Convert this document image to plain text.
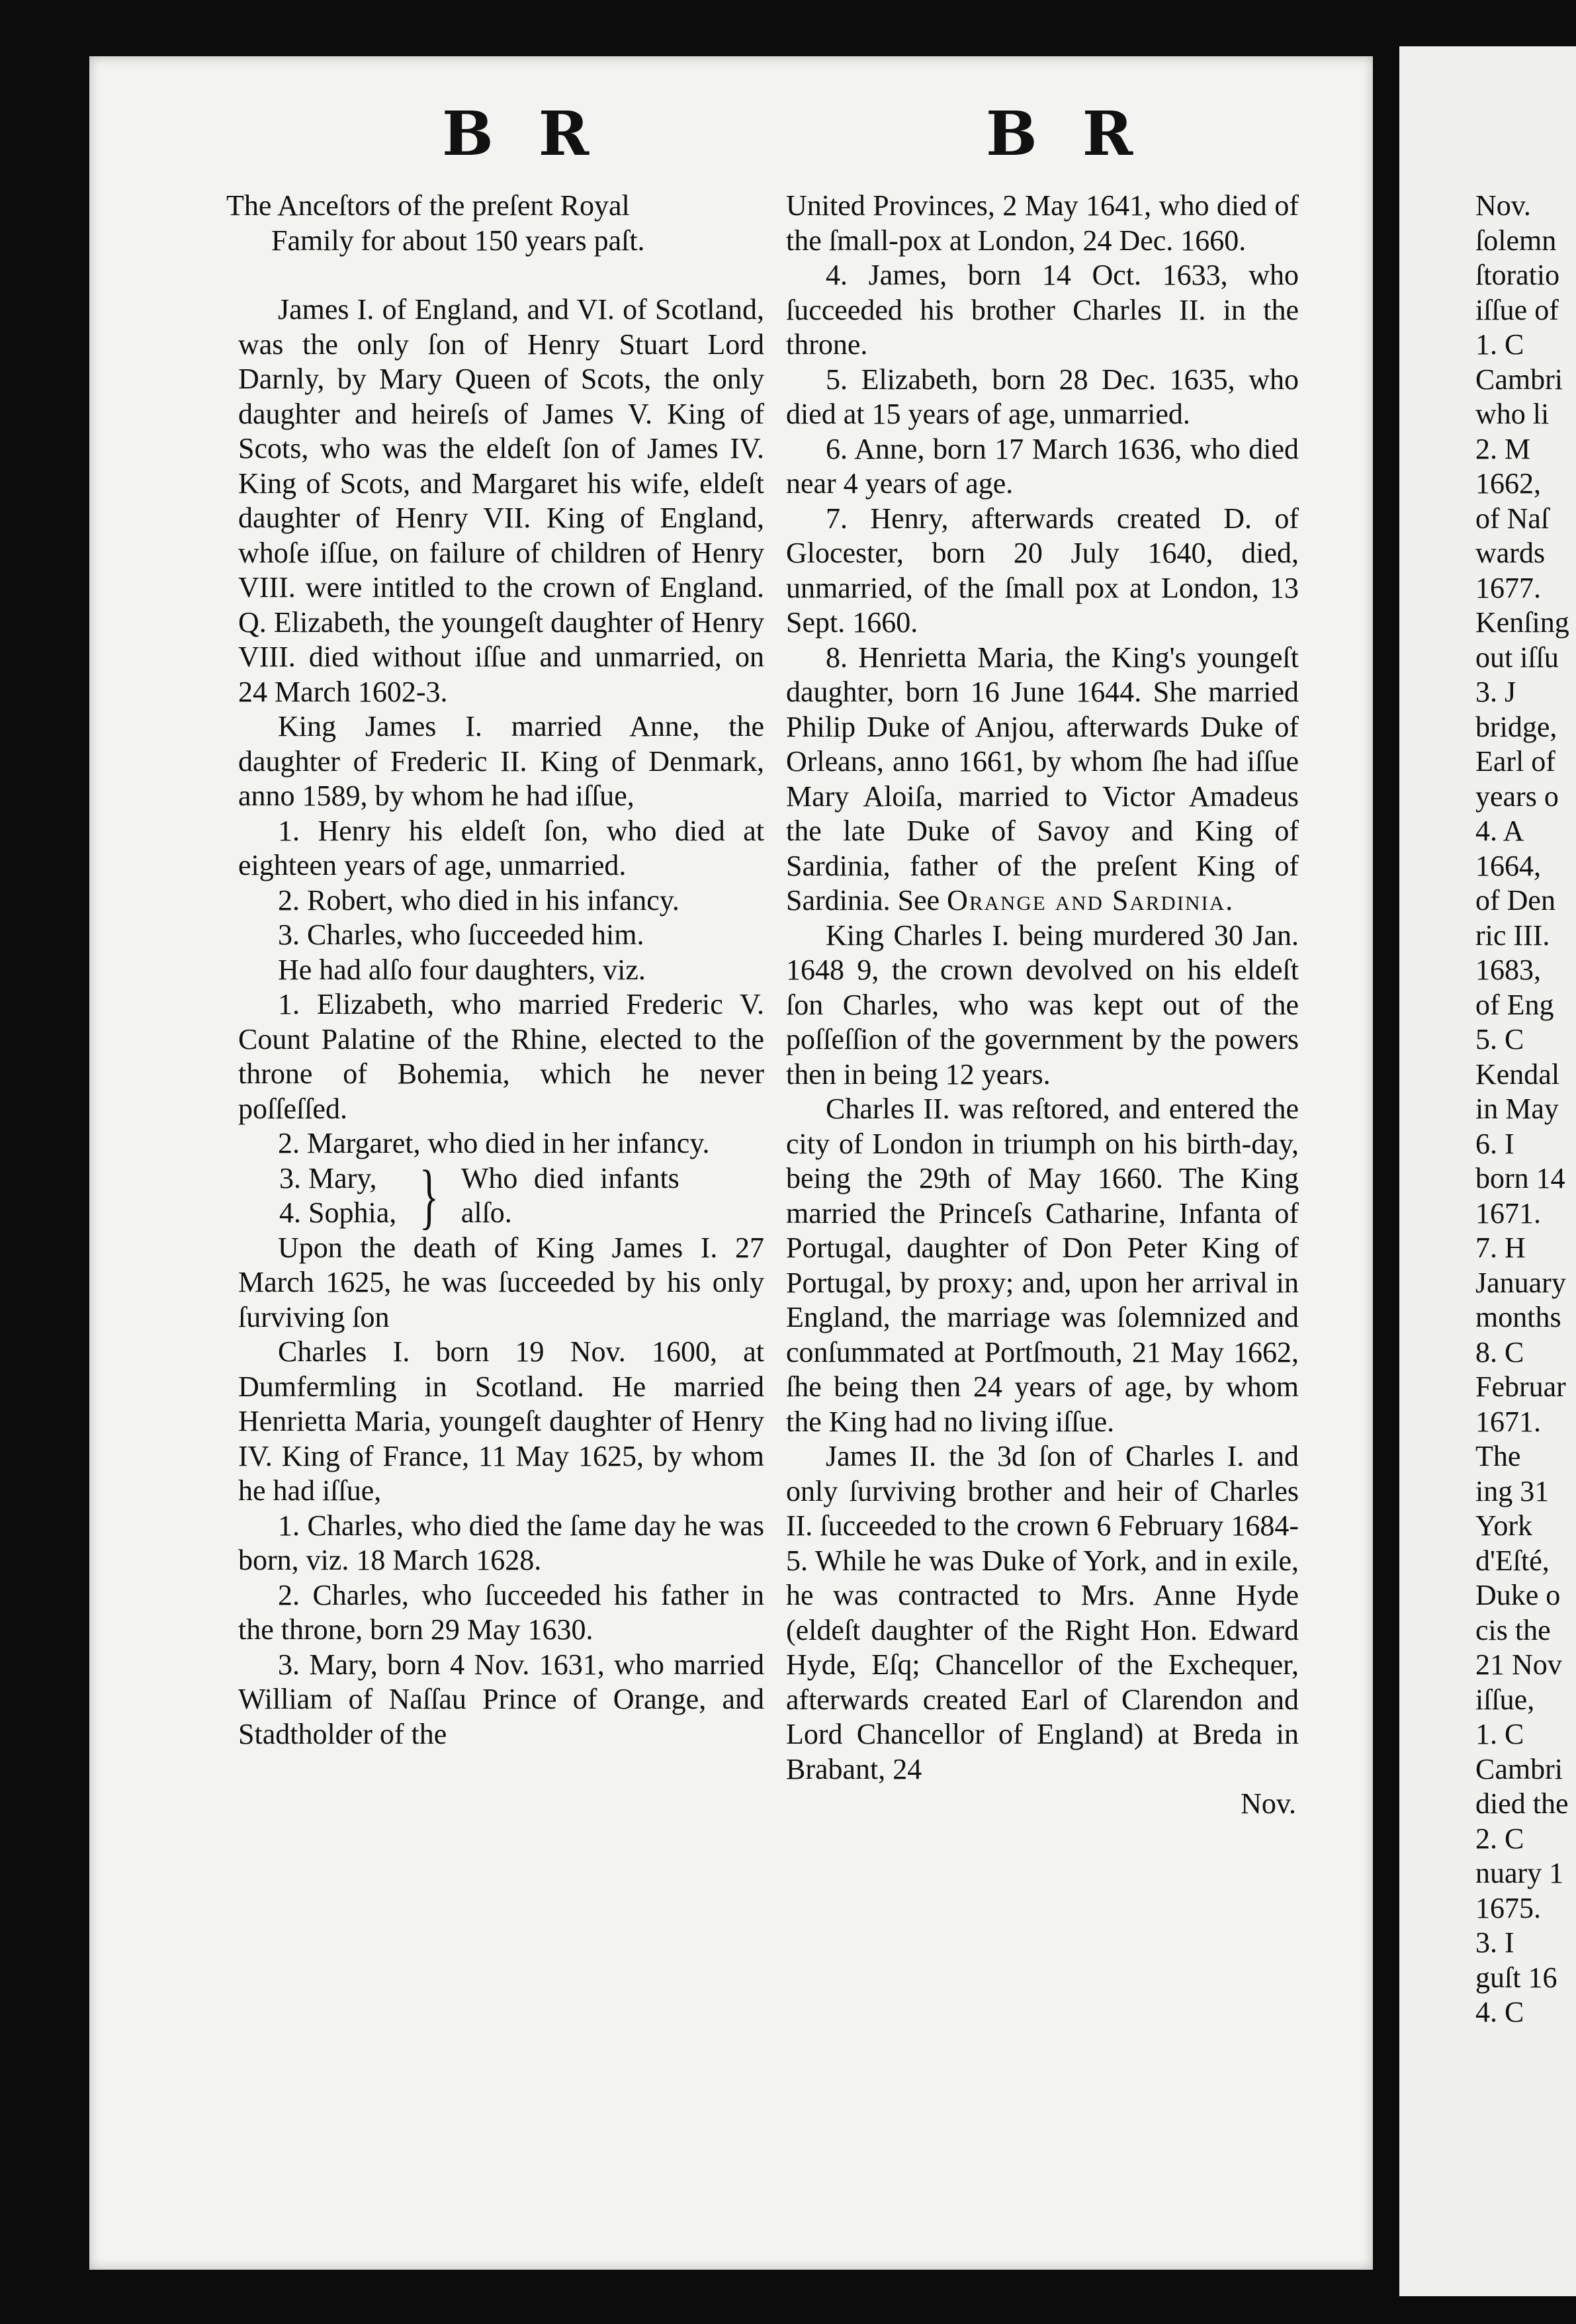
B R	B R

The Anceſtors of the preſent Royal
Family for about 150 years paſt.

James I. of England, and VI. of Scotland, was the only ſon of Henry Stuart Lord Darnly, by Mary Queen of Scots, the only daughter and heireſs of James V. King of Scots, who was the eldeſt ſon of James IV. King of Scots, and Margaret his wife, eldeſt daughter of Henry VII. King of England, whoſe iſſue, on failure of children of Henry VIII. were intitled to the crown of England. Q. Elizabeth, the youngeſt daughter of Henry VIII. died without iſſue and unmarried, on 24 March 1602-3.

King James I. married Anne, the daughter of Frederic II. King of Denmark, anno 1589, by whom he had iſſue,

1. Henry his eldeſt ſon, who died at eighteen years of age, unmarried.

2. Robert, who died in his infancy.

3. Charles, who ſucceeded him.

He had alſo four daughters, viz.

1. Elizabeth, who married Frederic V. Count Palatine of the Rhine, elected to the throne of Bohemia, which he never poſſeſſed.

2. Margaret, who died in her infancy.

3. Mary,
4. Sophia, } Who died infants alſo.

Upon the death of King James I. 27 March 1625, he was ſucceeded by his only ſurviving ſon

Charles I. born 19 Nov. 1600, at Dumfermling in Scotland. He married Henrietta Maria, youngeſt daughter of Henry IV. King of France, 11 May 1625, by whom he had iſſue,

1. Charles, who died the ſame day he was born, viz. 18 March 1628.

2. Charles, who ſucceeded his father in the throne, born 29 May 1630.

3. Mary, born 4 Nov. 1631, who married William of Naſſau Prince of Orange, and Stadtholder of the

United Provinces, 2 May 1641, who died of the ſmall-pox at London, 24 Dec. 1660.

4. James, born 14 Oct. 1633, who ſucceeded his brother Charles II. in the throne.

5. Elizabeth, born 28 Dec. 1635, who died at 15 years of age, unmarried.

6. Anne, born 17 March 1636, who died near 4 years of age.

7. Henry, afterwards created D. of Glocester, born 20 July 1640, died, unmarried, of the ſmall pox at London, 13 Sept. 1660.

8. Henrietta Maria, the King's youngeſt daughter, born 16 June 1644. She married Philip Duke of Anjou, afterwards Duke of Orleans, anno 1661, by whom ſhe had iſſue Mary Aloiſa, married to Victor Amadeus the late Duke of Savoy and King of Sardinia, father of the preſent King of Sardinia. See Orange and Sardinia.

King Charles I. being murdered 30 Jan. 1648 9, the crown devolved on his eldeſt ſon Charles, who was kept out of the poſſeſſion of the government by the powers then in being 12 years.

Charles II. was reſtored, and entered the city of London in triumph on his birth-day, being the 29th of May 1660. The King married the Princeſs Catharine, Infanta of Portugal, daughter of Don Peter King of Portugal, by proxy; and, upon her arrival in England, the marriage was ſolemnized and conſummated at Portſmouth, 21 May 1662, ſhe being then 24 years of age, by whom the King had no living iſſue.

James II. the 3d ſon of Charles I. and only ſurviving brother and heir of Charles II. ſucceeded to the crown 6 February 1684-5. While he was Duke of York, and in exile, he was contracted to Mrs. Anne Hyde (eldeſt daughter of the Right Hon. Edward Hyde, Eſq; Chancellor of the Exchequer, afterwards created Earl of Clarendon and Lord Chancellor of England) at Breda in Brabant, 24

Nov.

Nov.
ſolemn
ſtoratio
iſſue of
1. C
Cambri
who li
2. M
1662,
of Naſ
wards
1677.
Kenſing
out iſſu
3. J
bridge,
Earl of
years o
4. A
1664,
of Den
ric III.
1683,
of Eng
5. C
Kendal
in May
6. I
born 14
1671.
7. H
January
months
8. C
Februar
1671.
The
ing 31
York
d'Eſté,
Duke o
cis the
21 Nov
iſſue,
1. C
Cambri
died the
2. C
nuary 1
1675.
3. I
guſt 16
4. C
